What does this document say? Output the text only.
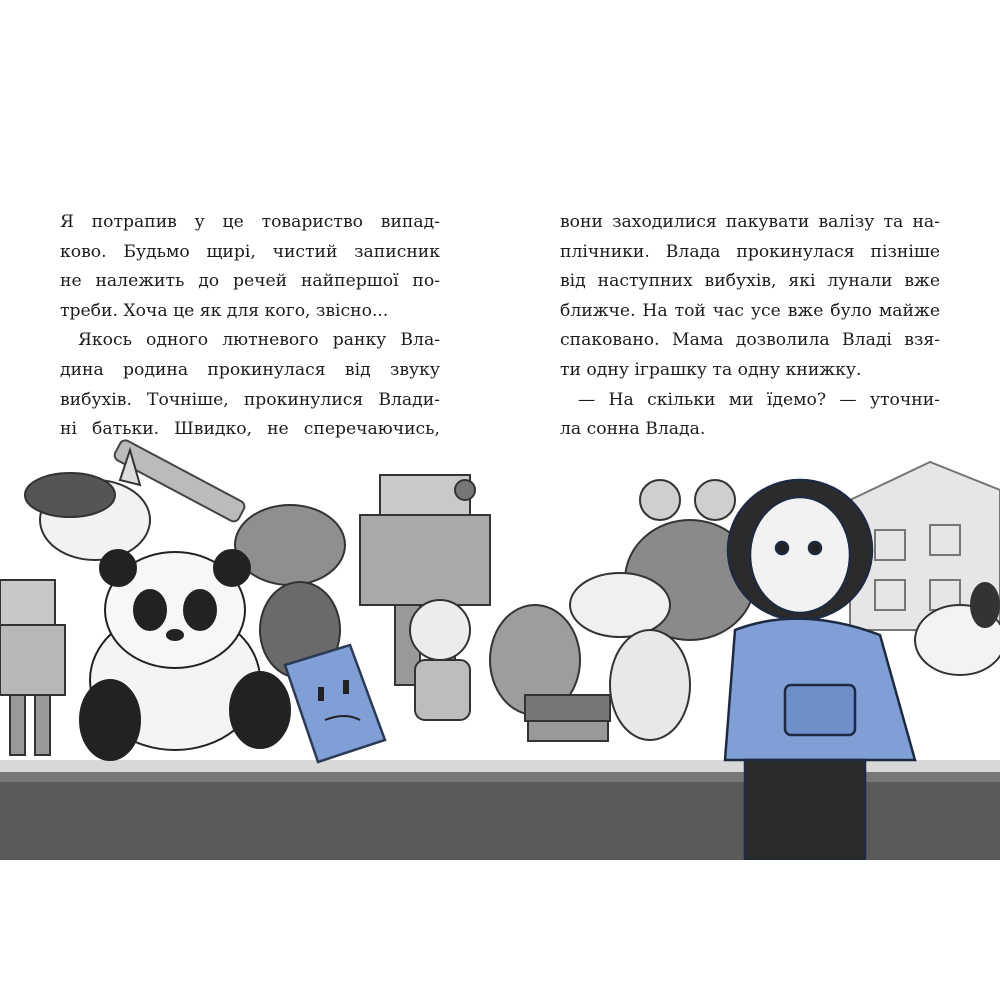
Я потрапив у це товариство випад-
ково. Будьмо щирі, чистий записник
не належить до речей найпершої по-
треби. Хоча це як для кого, звісно...
Якось одного лютневого ранку Вла-
дина родина прокинулася від звуку
вибухів. Точніше, прокинулися Влади-
ні батьки. Швидко, не сперечаючись,
вони заходилися пакувати валізу та на-
плічники. Влада прокинулася пізніше
від наступних вибухів, які лунали вже
ближче. На той час усе вже було майже
спаковано. Мама дозволила Владі взя-
ти одну іграшку та одну книжку.
— На скільки ми їдемо? — уточни-
ла сонна Влада.
